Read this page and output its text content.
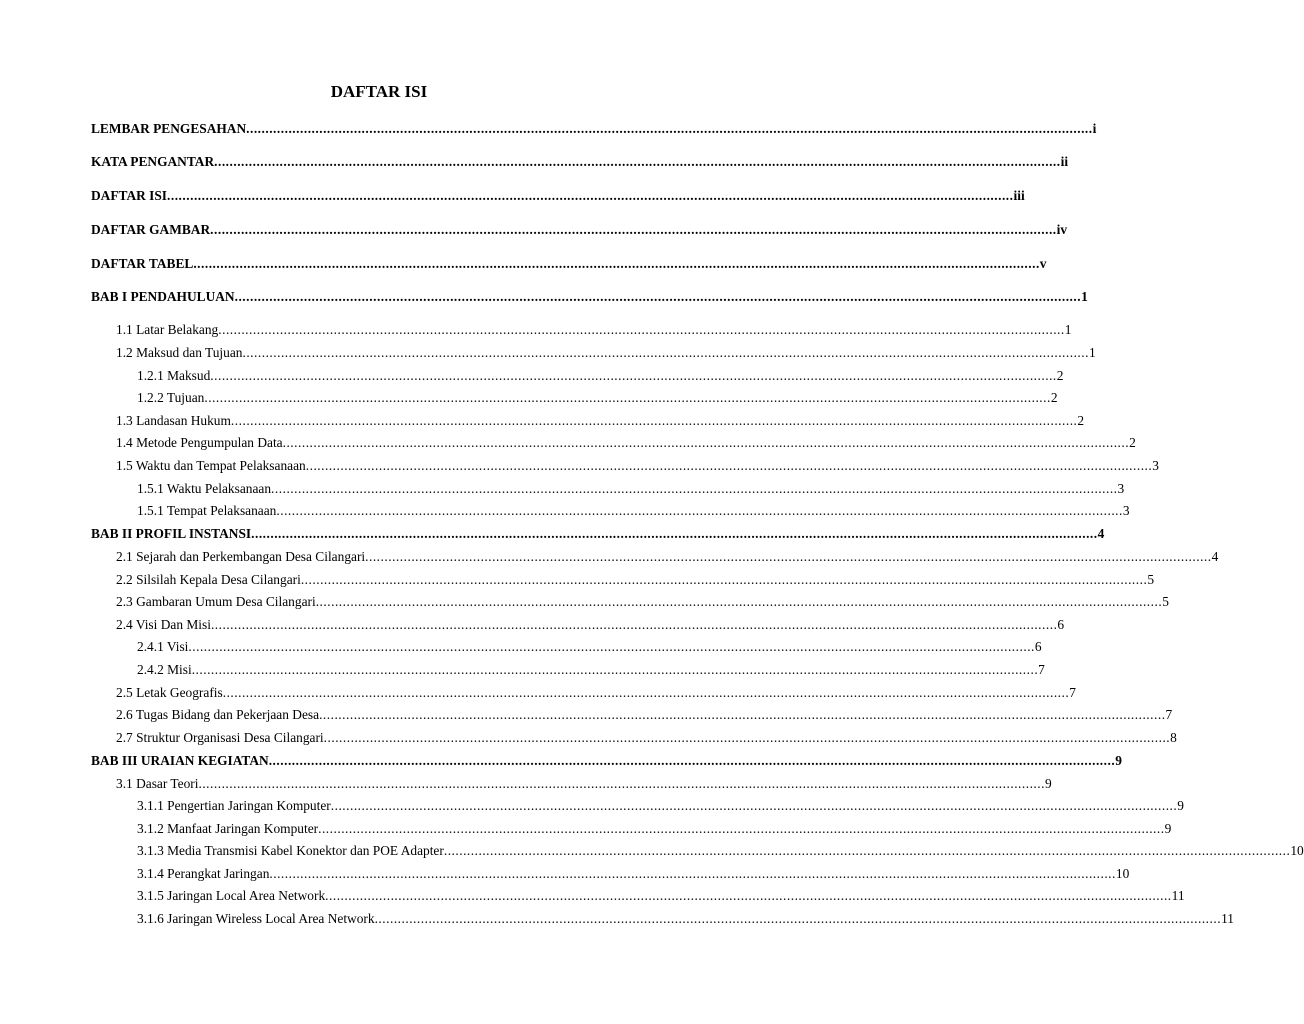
DAFTAR ISI
LEMBAR PENGESAHAN ............................................................................................................................................................................................................................ i
KATA PENGANTAR ............................................................................................................................................................................................................................ ii
DAFTAR ISI ............................................................................................................................................................................................................................ iii
DAFTAR GAMBAR ............................................................................................................................................................................................................................ iv
DAFTAR TABEL ............................................................................................................................................................................................................................ v
BAB I PENDAHULUAN ............................................................................................................................................................................................................................ 1
1.1 Latar Belakang ............................................................................................................................................................................................................................ 1
1.2 Maksud dan Tujuan ............................................................................................................................................................................................................................ 1
1.2.1 Maksud ............................................................................................................................................................................................................................ 2
1.2.2 Tujuan ............................................................................................................................................................................................................................ 2
1.3 Landasan Hukum ............................................................................................................................................................................................................................ 2
1.4 Metode Pengumpulan Data ............................................................................................................................................................................................................................ 2
1.5 Waktu dan Tempat Pelaksanaan ............................................................................................................................................................................................................................ 3
1.5.1 Waktu Pelaksanaan ............................................................................................................................................................................................................................ 3
1.5.1 Tempat Pelaksanaan ............................................................................................................................................................................................................................ 3
BAB II PROFIL INSTANSI ............................................................................................................................................................................................................................ 4
2.1 Sejarah dan Perkembangan Desa Cilangari ............................................................................................................................................................................................................................ 4
2.2 Silsilah Kepala Desa Cilangari ............................................................................................................................................................................................................................ 5
2.3 Gambaran Umum Desa Cilangari ............................................................................................................................................................................................................................ 5
2.4 Visi Dan Misi ............................................................................................................................................................................................................................ 6
2.4.1 Visi ............................................................................................................................................................................................................................ 6
2.4.2 Misi ............................................................................................................................................................................................................................ 7
2.5 Letak Geografis ............................................................................................................................................................................................................................ 7
2.6 Tugas Bidang dan Pekerjaan Desa ............................................................................................................................................................................................................................ 7
2.7 Struktur Organisasi Desa Cilangari ............................................................................................................................................................................................................................ 8
BAB III URAIAN KEGIATAN ............................................................................................................................................................................................................................ 9
3.1 Dasar Teori ............................................................................................................................................................................................................................ 9
3.1.1 Pengertian Jaringan Komputer ............................................................................................................................................................................................................................ 9
3.1.2 Manfaat Jaringan Komputer ............................................................................................................................................................................................................................ 9
3.1.3 Media Transmisi Kabel Konektor dan POE Adapter ............................................................................................................................................................................................................................ 10
3.1.4 Perangkat Jaringan ............................................................................................................................................................................................................................ 10
3.1.5 Jaringan Local Area Network ............................................................................................................................................................................................................................ 11
3.1.6 Jaringan Wireless Local Area Network ............................................................................................................................................................................................................................ 11
